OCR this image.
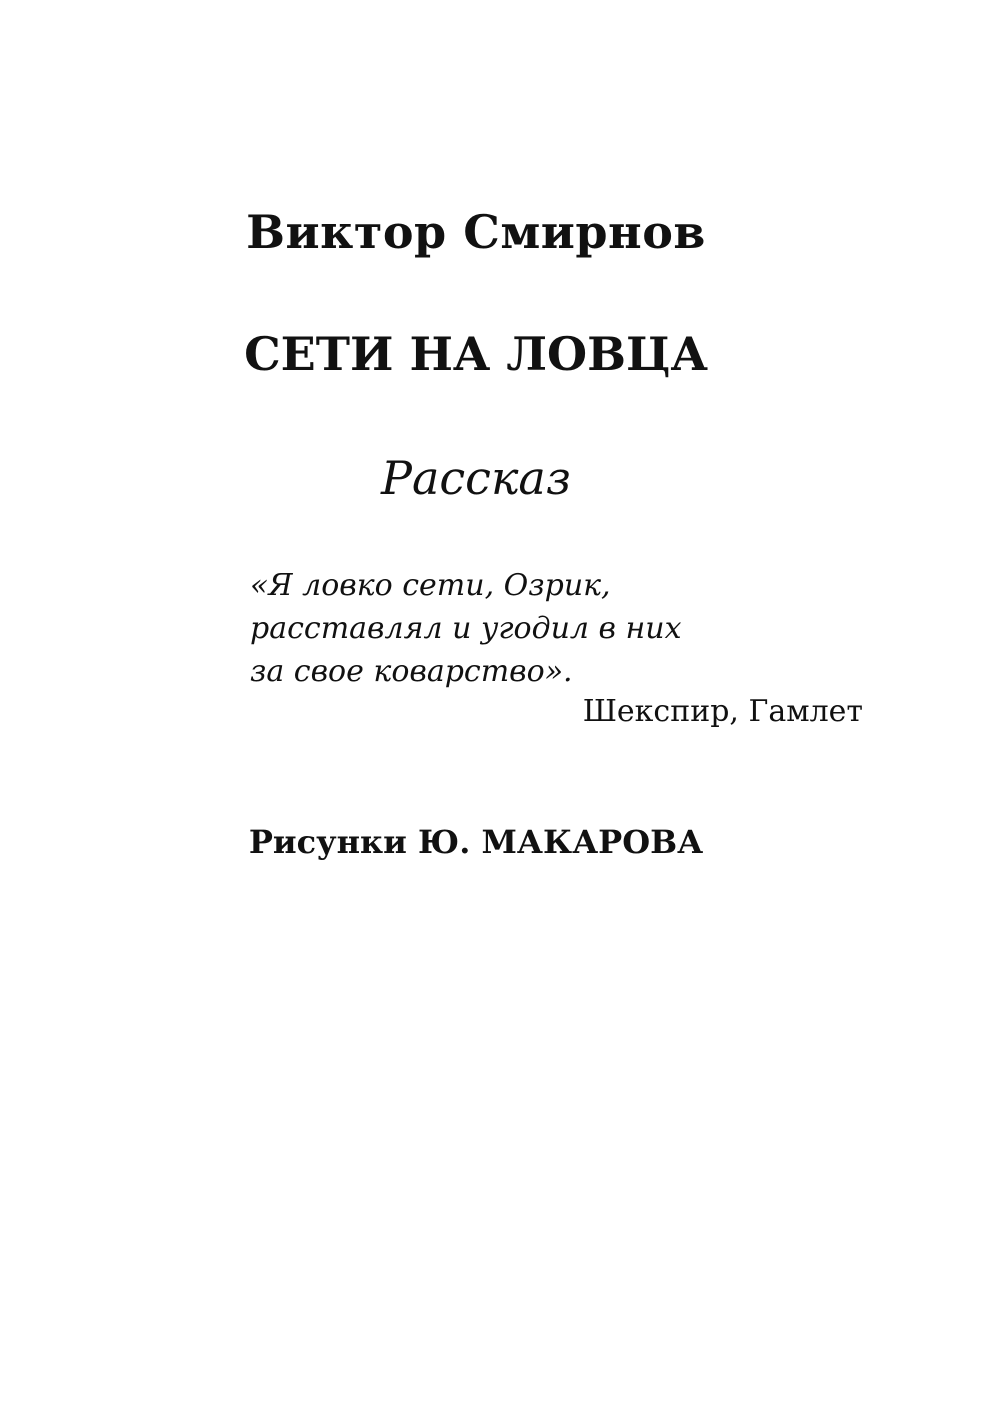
Виктор Смирнов
СЕТИ НА ЛОВЦА
Рассказ
«Я ловко сети, Озрик,
расставлял и угодил в них
за свое коварство».
Шекспир, Гамлет
Рисунки Ю. МАКАРОВА
